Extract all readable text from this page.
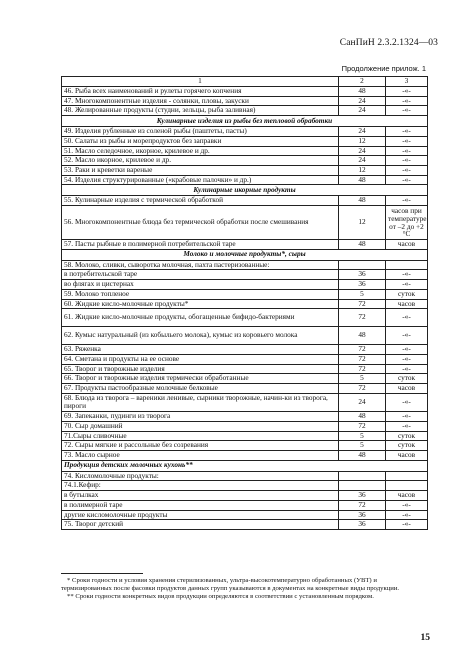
СанПиН 2.3.2.1324—03
Продолжение прилож. 1
1	2	3
46. Рыба всех наименований и рулеты горячего копчения	48	-«-
47. Многокомпонентные изделия - солянки, пловы, закуски	24	-«-
48. Желированные продукты (студни, зельцы, рыба заливная)	24	-«-
Кулинарные изделия из рыбы без тепловой обработки		
49. Изделия рубленные из соленой рыбы (паштеты, пасты)	24	-«-
50. Салаты из рыбы и морепродуктов без заправки	12	-«-
51. Масло селедочное, икорное, крилевое и др.	24	-«-
52. Масло икорное, крилевое и др.	24	-«-
53. Раки и креветки вареные	12	-«-
54. Изделия структурированные («крабовые палочки» и др.)	48	-«-
Кулинарные икорные продукты		
55. Кулинарные изделия с термической обработкой	48	-«-
56. Многокомпонентные блюда без термической обработки после смешивания	12	часов при температуре от –2 до +2 °С
57. Пасты рыбные в полимерной потребительской таре	48	часов
Молоко и молочные продукты*, сыры		
58. Молоко, сливки, сыворотка молочная, пахта пастеризованные:		
в потребительской таре	36	-«-
во флягах и цистернах	36	-«-
59. Молоко топленое	5	суток
60. Жидкие кисло-молочные продукты*	72	часов
61. Жидкие кисло-молочные продукты, обогащенные бифидо-бактериями	72	-«-
62. Кумыс натуральный (из кобыльего молока), кумыс из коровьего молока	48	-«-
63. Ряженка	72	-«-
64. Сметана и продукты на ее основе	72	-«-
65. Творог и творожные изделия	72	-«-
66. Творог и творожные изделия термически обработанные	5	суток
67. Продукты пастообразные молочные белковые	72	часов
68. Блюда из творога – вареники ленивые, сырники творожные, начин-ки из творога, пироги	24	-«-
69. Запеканки, пудинги из творога	48	-«-
70. Сыр домашний	72	-«-
71.Сыры сливочные	5	суток
72. Сыры мягкие и рассольные без созревания	5	суток
73. Масло сырное	48	часов
Продукция детских молочных кухонь**		
74. Кисломолочные продукты:		
74.1.Кефир:		
в бутылках	36	часов
в полимерной таре	72	-«-
другие кисломолочные продукты	36	-«-
75. Творог детский	36	-«-

* Сроки годности и условия хранения стерилизованных, ультра-высокотемпературно обработанных (УВТ) и термизированных после фасовки продуктов данных групп указываются в документах на конкретные виды продукции.

** Сроки годности конкретных видов продукции определяются в соответствии с установленным порядком.

15
